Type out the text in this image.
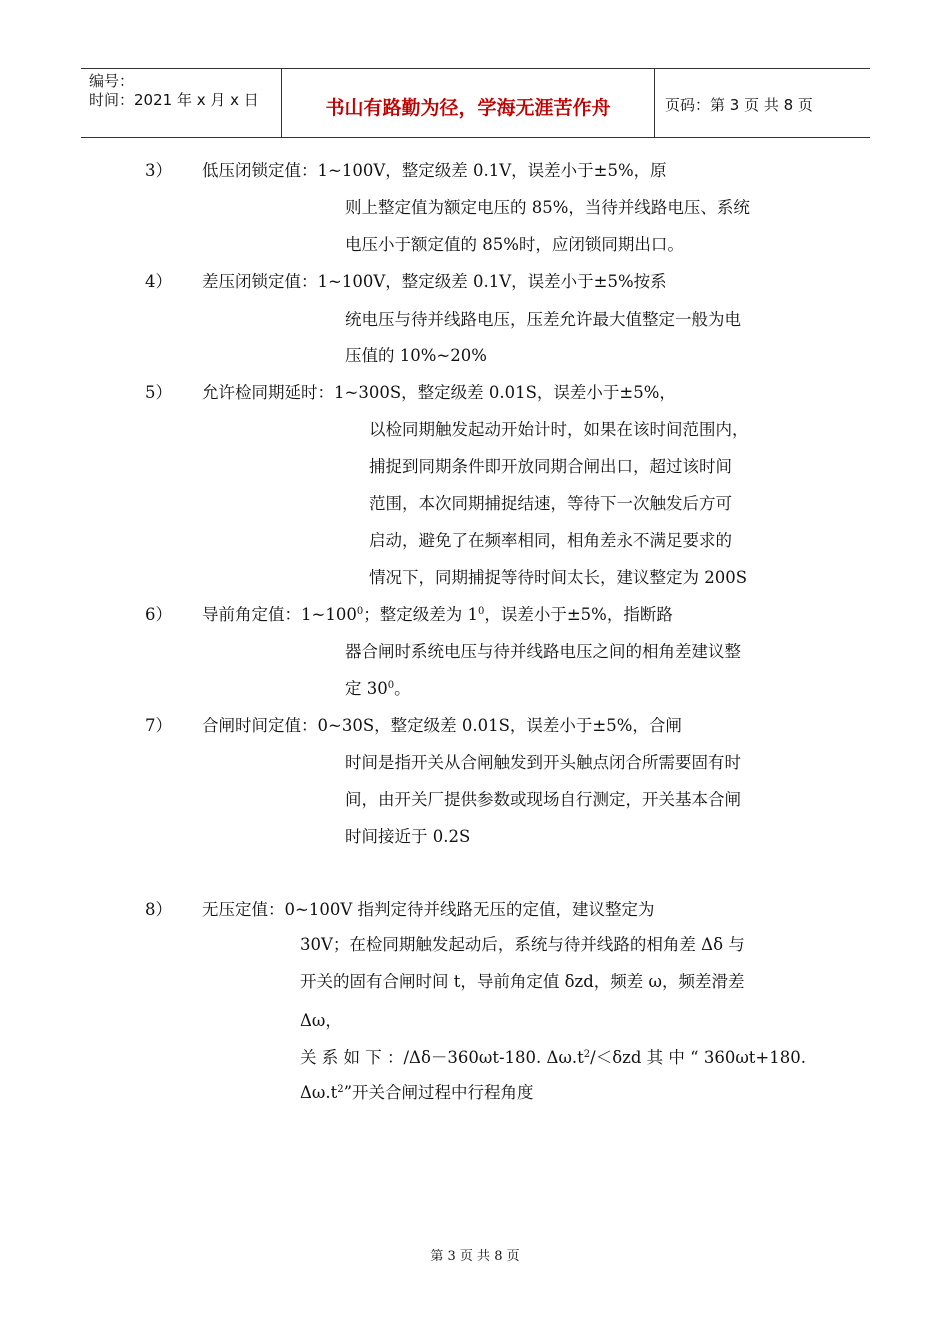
编号：
时间：2021 年 x 月 x 日	书山有路勤为径，学海无涯苦作舟	页码：第 3 页 共 8 页
3） 低压闭锁定值：1~100V，整定级差 0.1V，误差小于±5%，原
则上整定值为额定电压的 85%，当待并线路电压、系统
电压小于额定值的 85%时，应闭锁同期出口。
4） 差压闭锁定值：1~100V，整定级差 0.1V，误差小于±5%按系
统电压与待并线路电压，压差允许最大值整定一般为电
压值的 10%~20%
5） 允许检同期延时：1~300S，整定级差 0.01S，误差小于±5%，
以检同期触发起动开始计时，如果在该时间范围内，
捕捉到同期条件即开放同期合闸出口，超过该时间
范围，本次同期捕捉结速，等待下一次触发后方可
启动，避免了在频率相同，相角差永不满足要求的
情况下，同期捕捉等待时间太长，建议整定为 200S
6） 导前角定值：$1\sim 100^0$；整定级差为 $1^0$，误差小于±5%，指断路
器合闸时系统电压与待并线路电压之间的相角差建议整
定 $30^0$。
7） 合闸时间定值：0~30S，整定级差 0.01S，误差小于±5%，合闸
时间是指开关从合闸触发到开头触点闭合所需要固有时
间，由开关厂提供参数或现场自行测定，开关基本合闸
时间接近于 0.2S
8） 无压定值：0~100V 指判定待并线路无压的定值，建议整定为
30V；在检同期触发起动后，系统与待并线路的相角差 Δδ 与
开关的固有合闸时间 t，导前角定值 δzd，频差 ω，频差滑差
Δω，
关 系 如 下 ：/Δδ－360ωt-180. $\Delta\omega.t^2/<\delta zd$ 其 中 “ 360ωt+180.
$\Delta\omega.t^2$”开关合闸过程中行程角度
第 3 页 共 8 页
